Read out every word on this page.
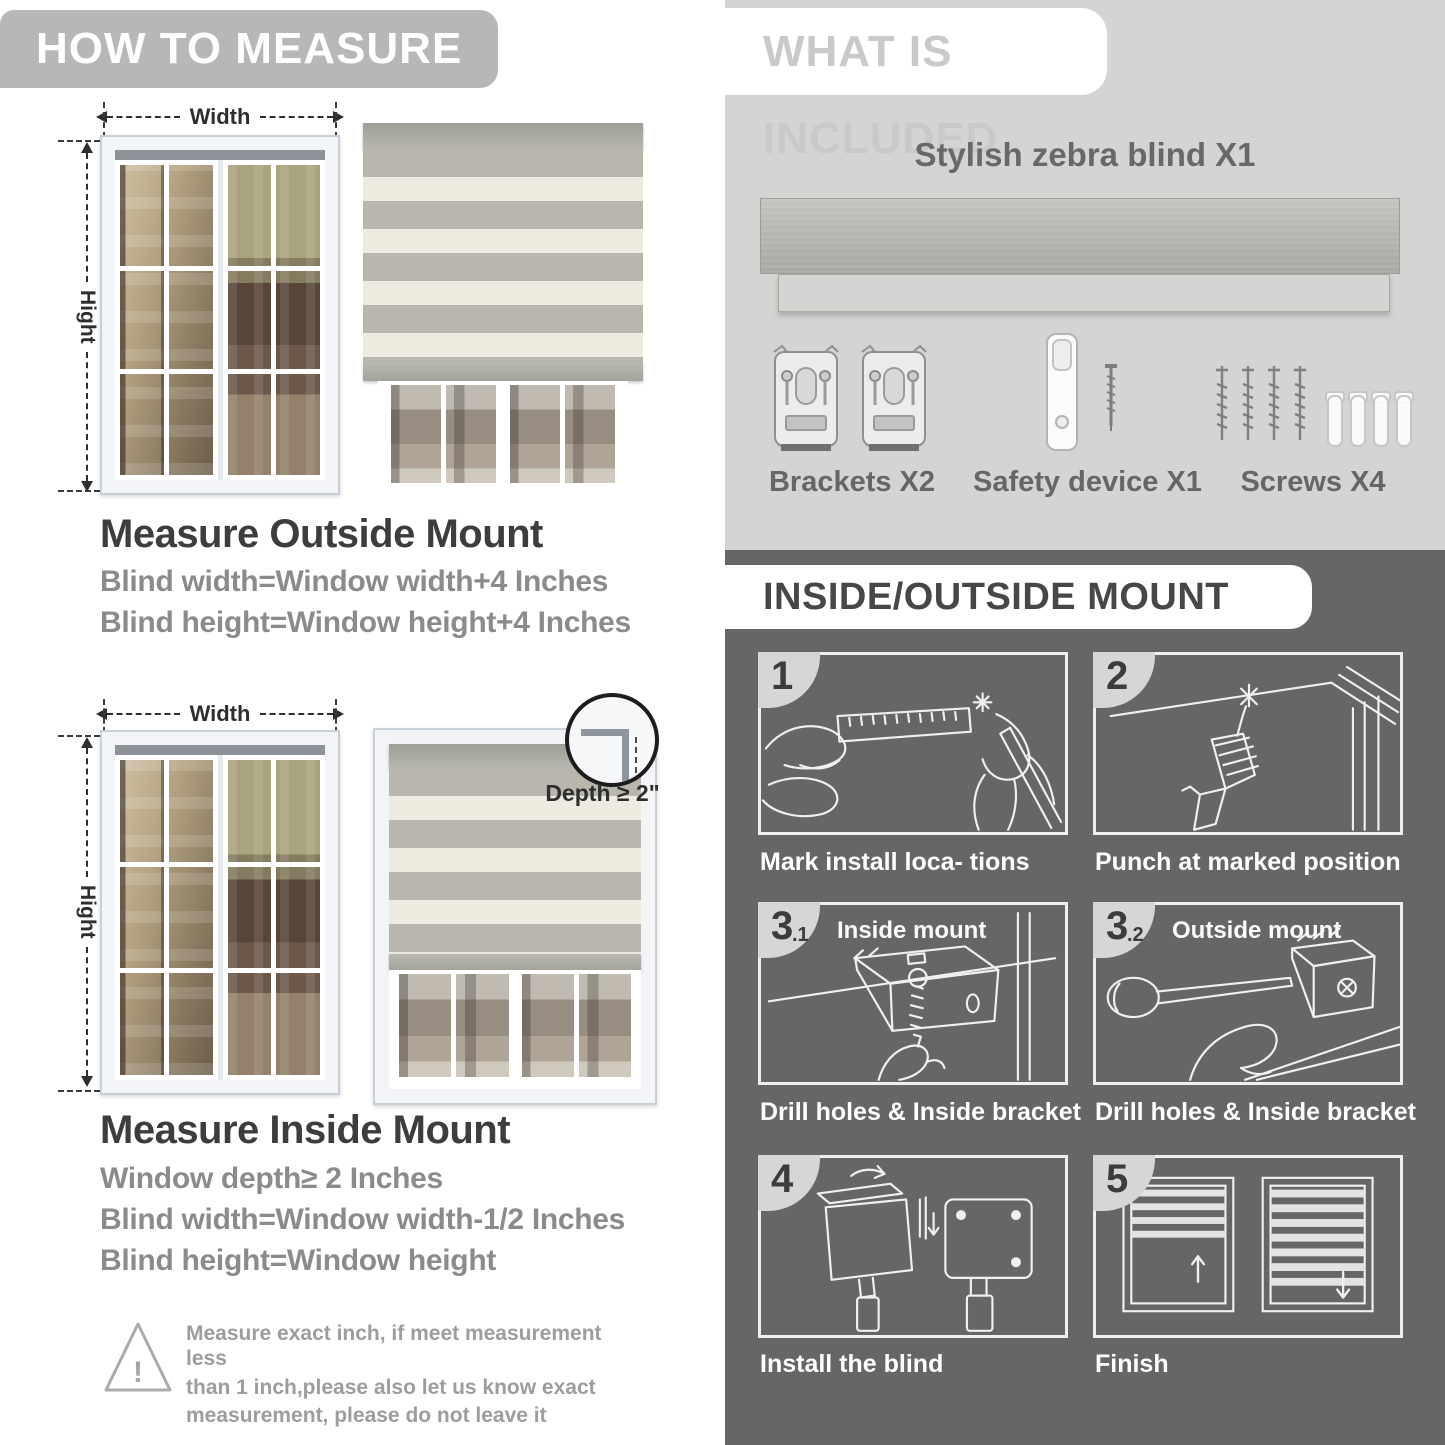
HOW TO MEASURE
Width
Hight
Measure Outside Mount
Blind width=Window width+4 Inches
Blind height=Window height+4 Inches
Width
Hight
Depth ≥ 2"
Measure Inside Mount
Window depth≥ 2 Inches
Blind width=Window width-1/2 Inches
Blind height=Window height
!
Measure exact inch, if meet measurement less
than 1 inch,please also let us know exact
measurement, please do not leave it
WHAT IS INCLUDED
Stylish zebra blind X1
Brackets X2	Safety device X1	Screws X4
INSIDE/OUTSIDE MOUNT
1
Mark install loca- tions
2
Punch at marked position
3
.1 Inside mount
Drill holes & Inside bracket
3
.2 Outside mount
Drill holes & Inside bracket
4
Install the blind
5
Finish
